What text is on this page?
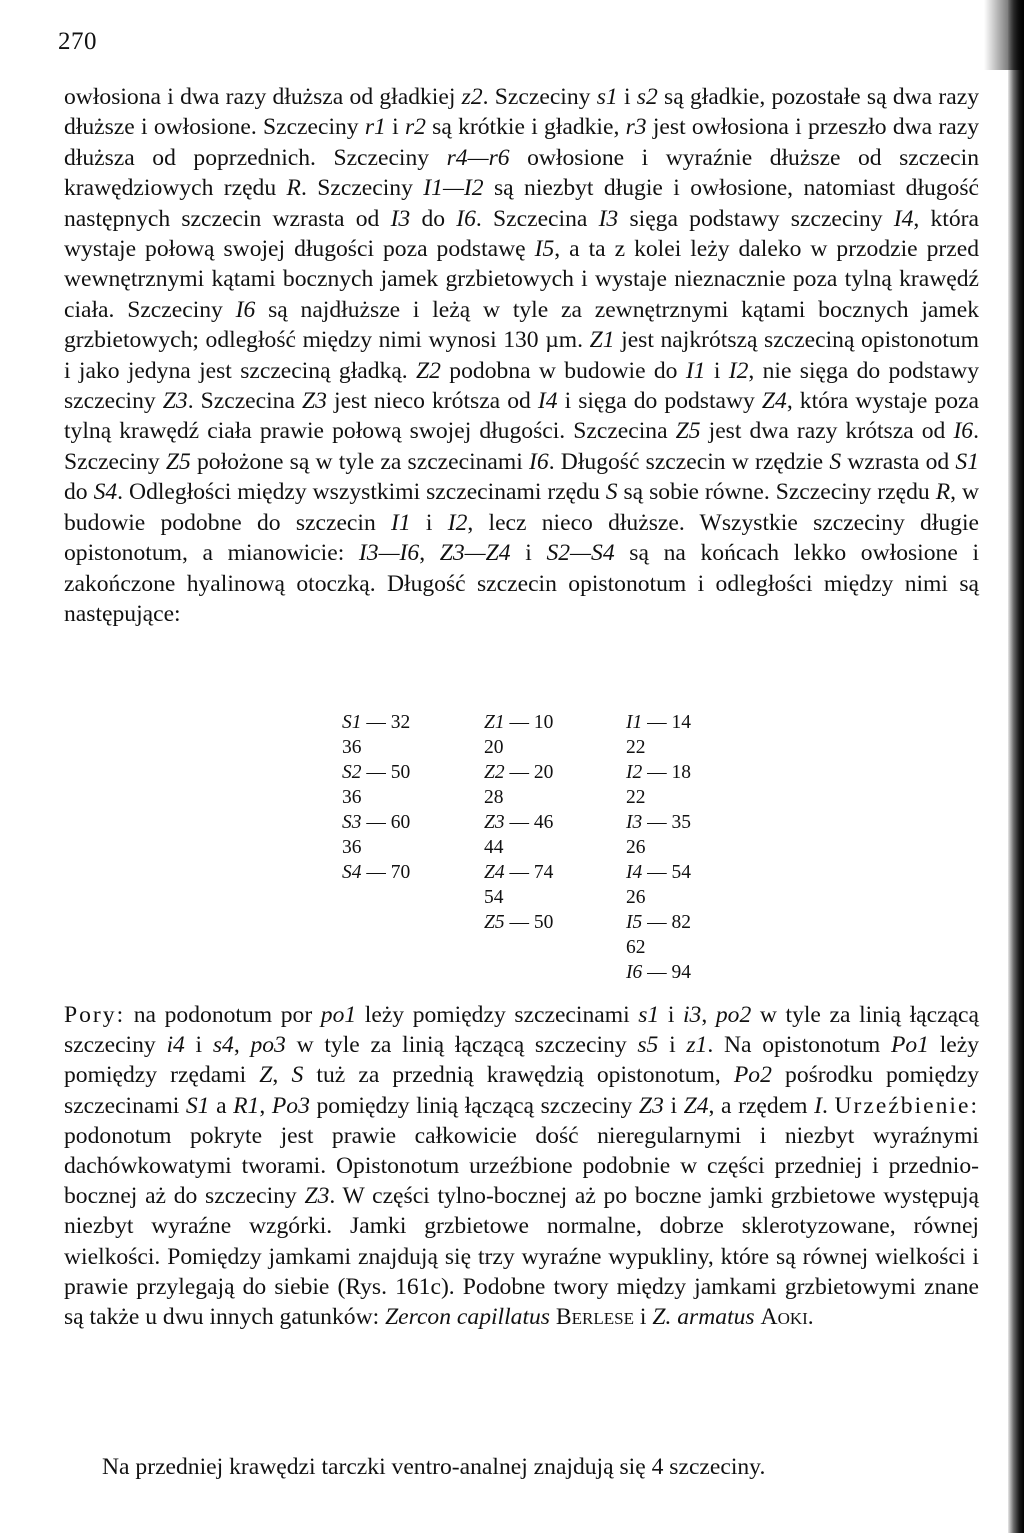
270

owłosiona i dwa razy dłuższa od gładkiej z2. Szczeciny s1 i s2 są gładkie, pozostałe są dwa razy dłuższe i owłosione. Szczeciny r1 i r2 są krótkie i gładkie, r3 jest owłosiona i przeszło dwa razy dłuższa od poprzednich. Szczeciny r4—r6 owłosione i wyraźnie dłuższe od szczecin krawędziowych rzędu R. Szczeciny I1—I2 są niezbyt długie i owłosione, natomiast długość następnych szczecin wzrasta od I3 do I6. Szczecina I3 sięga podstawy szczeciny I4, która wystaje połową swojej długości poza podstawę I5, a ta z kolei leży daleko w przodzie przed wewnętrznymi kątami bocznych jamek grzbietowych i wystaje nieznacznie poza tylną krawędź ciała. Szczeciny I6 są najdłuższe i leżą w tyle za zewnętrznymi kątami bocznych jamek grzbietowych; odległość między nimi wynosi 130 µm. Z1 jest najkrótszą szczeciną opistonotum i jako jedyna jest szczeciną gładką. Z2 podobna w budowie do I1 i I2, nie sięga do podstawy szczeciny Z3. Szczecina Z3 jest nieco krótsza od I4 i sięga do podstawy Z4, która wystaje poza tylną krawędź ciała prawie połową swojej długości. Szczecina Z5 jest dwa razy krótsza od I6. Szczeciny Z5 położone są w tyle za szczecinami I6. Długość szczecin w rzędzie S wzrasta od S1 do S4. Odległości między wszystkimi szczecinami rzędu S są sobie równe. Szczeciny rzędu R, w budowie podobne do szczecin I1 i I2, lecz nieco dłuższe. Wszystkie szczeciny długie opistonotum, a mianowicie: I3—I6, Z3—Z4 i S2—S4 są na końcach lekko owłosione i zakończone hyalinową otoczką. Długość szczecin opistonotum i odległości między nimi są następujące:

S1 — 32
36
S2 — 50
36
S3 — 60
36
S4 — 70
Z1 — 10
20
Z2 — 20
28
Z3 — 46
44
Z4 — 74
54
Z5 — 50
I1 — 14
22
I2 — 18
22
I3 — 35
26
I4 — 54
26
I5 — 82
62
I6 — 94

Pory: na podonotum por po1 leży pomiędzy szczecinami s1 i i3, po2 w tyle za linią łączącą szczeciny i4 i s4, po3 w tyle za linią łączącą szczeciny s5 i z1. Na opistonotum Po1 leży pomiędzy rzędami Z, S tuż za przednią krawędzią opistonotum, Po2 pośrodku pomiędzy szczecinami S1 a R1, Po3 pomiędzy linią łączącą szczeciny Z3 i Z4, a rzędem I. Urzeźbienie: podonotum pokryte jest prawie całkowicie dość nieregularnymi i niezbyt wyraźnymi dachówkowatymi tworami. Opistonotum urzeźbione podobnie w części przedniej i przednio-bocznej aż do szczeciny Z3. W części tylno-bocznej aż po boczne jamki grzbietowe występują niezbyt wyraźne wzgórki. Jamki grzbietowe normalne, dobrze sklerotyzowane, równej wielkości. Pomiędzy jamkami znajdują się trzy wyraźne wypukliny, które są równej wielkości i prawie przylegają do siebie (Rys. 161c). Podobne twory między jamkami grzbietowymi znane są także u dwu innych gatunków: Zercon capillatus Berlese i Z. armatus Aoki.

Na przedniej krawędzi tarczki ventro-analnej znajdują się 4 szczeciny.
